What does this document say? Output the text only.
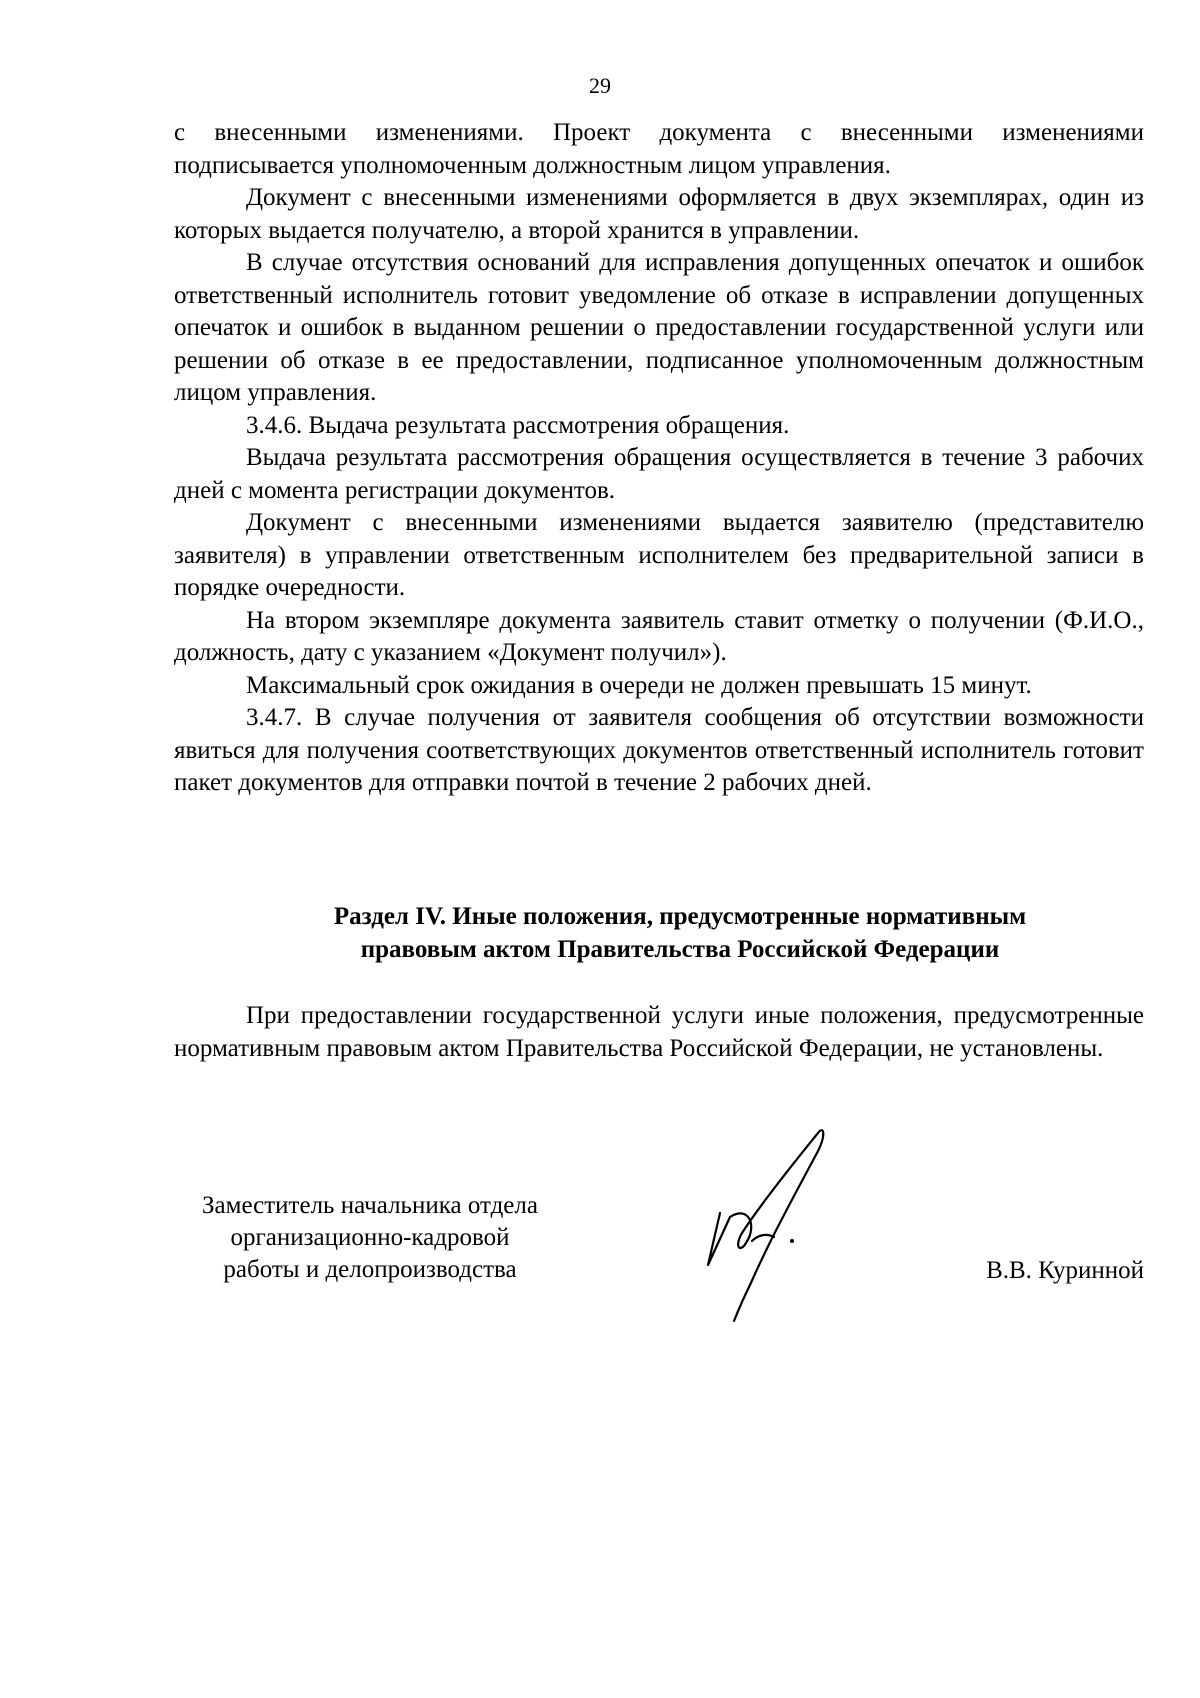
29

с внесенными изменениями. Проект документа с внесенными изменениями подписывается уполномоченным должностным лицом управления.

Документ с внесенными изменениями оформляется в двух экземплярах, один из которых выдается получателю, а второй хранится в управлении.

В случае отсутствия оснований для исправления допущенных опечаток и ошибок ответственный исполнитель готовит уведомление об отказе в исправлении допущенных опечаток и ошибок в выданном решении о предоставлении государственной услуги или решении об отказе в ее предоставлении, подписанное уполномоченным должностным лицом управления.

3.4.6. Выдача результата рассмотрения обращения.

Выдача результата рассмотрения обращения осуществляется в течение 3 рабочих дней с момента регистрации документов.

Документ с внесенными изменениями выдается заявителю (представителю заявителя) в управлении ответственным исполнителем без предварительной записи в порядке очередности.

На втором экземпляре документа заявитель ставит отметку о получении (Ф.И.О., должность, дату с указанием «Документ получил»).

Максимальный срок ожидания в очереди не должен превышать 15 минут.

3.4.7. В случае получения от заявителя сообщения об отсутствии возможности явиться для получения соответствующих документов ответственный исполнитель готовит пакет документов для отправки почтой в течение 2 рабочих дней.

Раздел IV. Иные положения, предусмотренные нормативным
правовым актом Правительства Российской Федерации

При предоставлении государственной услуги иные положения, предусмотренные нормативным правовым актом Правительства Российской Федерации, не установлены.

Заместитель начальника отдела
организационно-кадровой
работы и делопроизводства	В.В. Куринной
